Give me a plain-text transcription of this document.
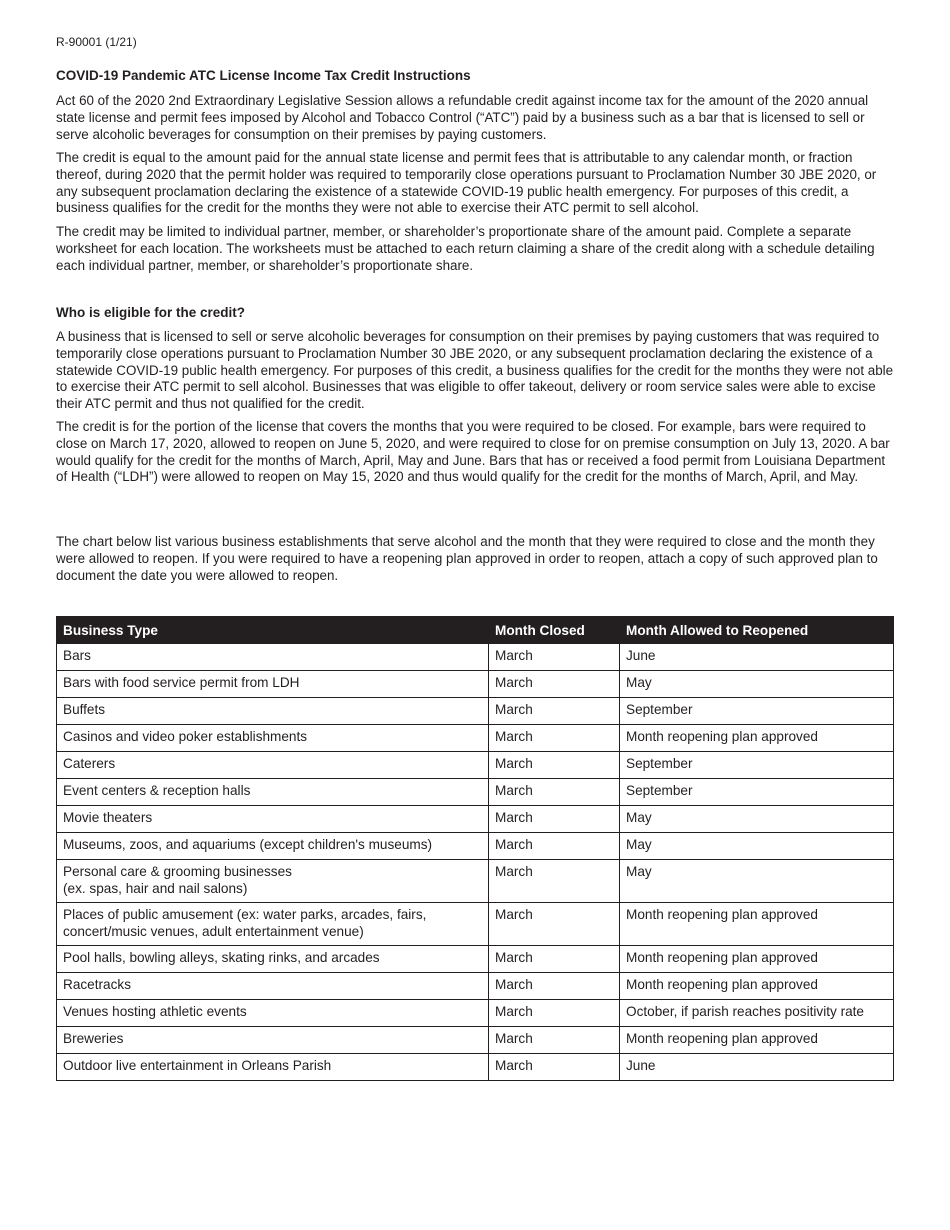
R-90001 (1/21)
COVID-19 Pandemic ATC License Income Tax Credit Instructions

Act 60 of the 2020 2nd Extraordinary Legislative Session allows a refundable credit against income tax for the amount of the 2020 annual state license and permit fees imposed by Alcohol and Tobacco Control (“ATC”) paid by a business such as a bar that is licensed to sell or serve alcoholic beverages for consumption on their premises by paying customers.

The credit is equal to the amount paid for the annual state license and permit fees that is attributable to any calendar month, or fraction thereof, during 2020 that the permit holder was required to temporarily close operations pursuant to Proclamation Number 30 JBE 2020, or any subsequent proclamation declaring the existence of a statewide COVID-19 public health emergency. For purposes of this credit, a business qualifies for the credit for the months they were not able to exercise their ATC permit to sell alcohol.

The credit may be limited to individual partner, member, or shareholder’s proportionate share of the amount paid. Complete a separate worksheet for each location. The worksheets must be attached to each return claiming a share of the credit along with a schedule detailing each individual partner, member, or shareholder’s proportionate share.

Who is eligible for the credit?

A business that is licensed to sell or serve alcoholic beverages for consumption on their premises by paying customers that was required to temporarily close operations pursuant to Proclamation Number 30 JBE 2020, or any subsequent proclamation declaring the existence of a statewide COVID-19 public health emergency. For purposes of this credit, a business qualifies for the credit for the months they were not able to exercise their ATC permit to sell alcohol. Businesses that was eligible to offer takeout, delivery or room service sales were able to excise their ATC permit and thus not qualified for the credit.

The credit is for the portion of the license that covers the months that you were required to be closed. For example, bars were required to close on March 17, 2020, allowed to reopen on June 5, 2020, and were required to close for on premise consumption on July 13, 2020. A bar would qualify for the credit for the months of March, April, May and June. Bars that has or received a food permit from Louisiana Department of Health (“LDH”) were allowed to reopen on May 15, 2020 and thus would qualify for the credit for the months of March, April, and May.

The chart below list various business establishments that serve alcohol and the month that they were required to close and the month they were allowed to reopen. If you were required to have a reopening plan approved in order to reopen, attach a copy of such approved plan to document the date you were allowed to reopen.

Business Type	Month Closed	Month Allowed to Reopened
Bars	March	June
Bars with food service permit from LDH	March	May
Buffets	March	September
Casinos and video poker establishments	March	Month reopening plan approved
Caterers	March	September
Event centers & reception halls	March	September
Movie theaters	March	May
Museums, zoos, and aquariums (except children's museums)	March	May
Personal care & grooming businesses
(ex. spas, hair and nail salons)	March	May
Places of public amusement (ex: water parks, arcades, fairs,
concert/music venues, adult entertainment venue)	March	Month reopening plan approved
Pool halls, bowling alleys, skating rinks, and arcades	March	Month reopening plan approved
Racetracks	March	Month reopening plan approved
Venues hosting athletic events	March	October, if parish reaches positivity rate
Breweries	March	Month reopening plan approved
Outdoor live entertainment in Orleans Parish	March	June
